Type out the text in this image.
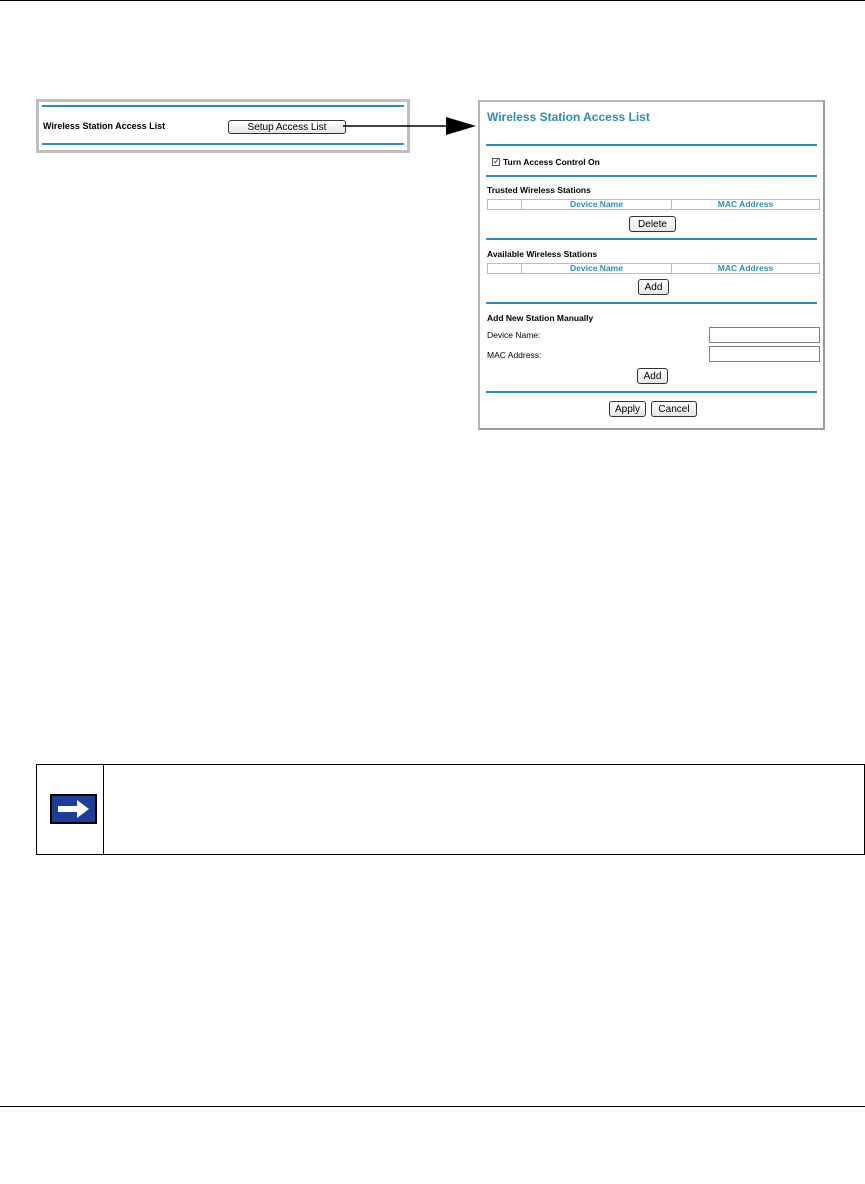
Wireless Station Access List	Setup Access List
Wireless Station Access List
✓ Turn Access Control On
Trusted Wireless Stations
Device Name	MAC Address
Delete
Available Wireless Stations
Device Name	MAC Address
Add
Add New Station Manually
Device Name:
MAC Address:
Add
Apply	Cancel
